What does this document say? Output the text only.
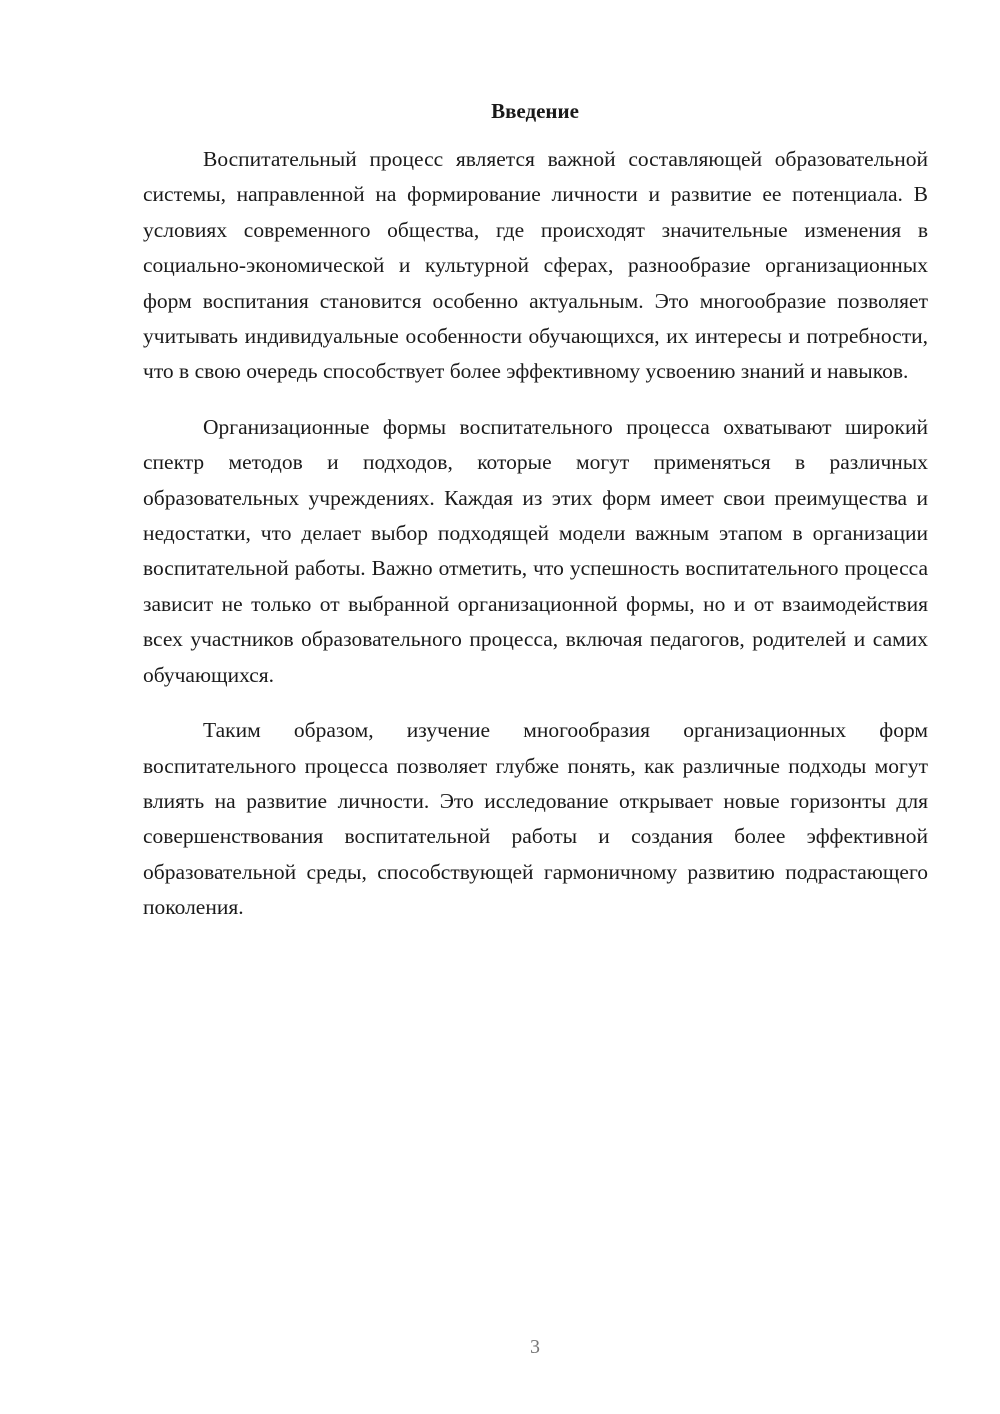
Введение

Воспитательный процесс является важной составляющей образовательной системы, направленной на формирование личности и развитие ее потенциала. В условиях современного общества, где происходят значительные изменения в социально-экономической и культурной сферах, разнообразие организационных форм воспитания становится особенно актуальным. Это многообразие позволяет учитывать индивидуальные особенности обучающихся, их интересы и потребности, что в свою очередь способствует более эффективному усвоению знаний и навыков.

Организационные формы воспитательного процесса охватывают широкий спектр методов и подходов, которые могут применяться в различных образовательных учреждениях. Каждая из этих форм имеет свои преимущества и недостатки, что делает выбор подходящей модели важным этапом в организации воспитательной работы. Важно отметить, что успешность воспитательного процесса зависит не только от выбранной организационной формы, но и от взаимодействия всех участников образовательного процесса, включая педагогов, родителей и самих обучающихся.

Таким образом, изучение многообразия организационных форм воспитательного процесса позволяет глубже понять, как различные подходы могут влиять на развитие личности. Это исследование открывает новые горизонты для совершенствования воспитательной работы и создания более эффективной образовательной среды, способствующей гармоничному развитию подрастающего поколения.

3
